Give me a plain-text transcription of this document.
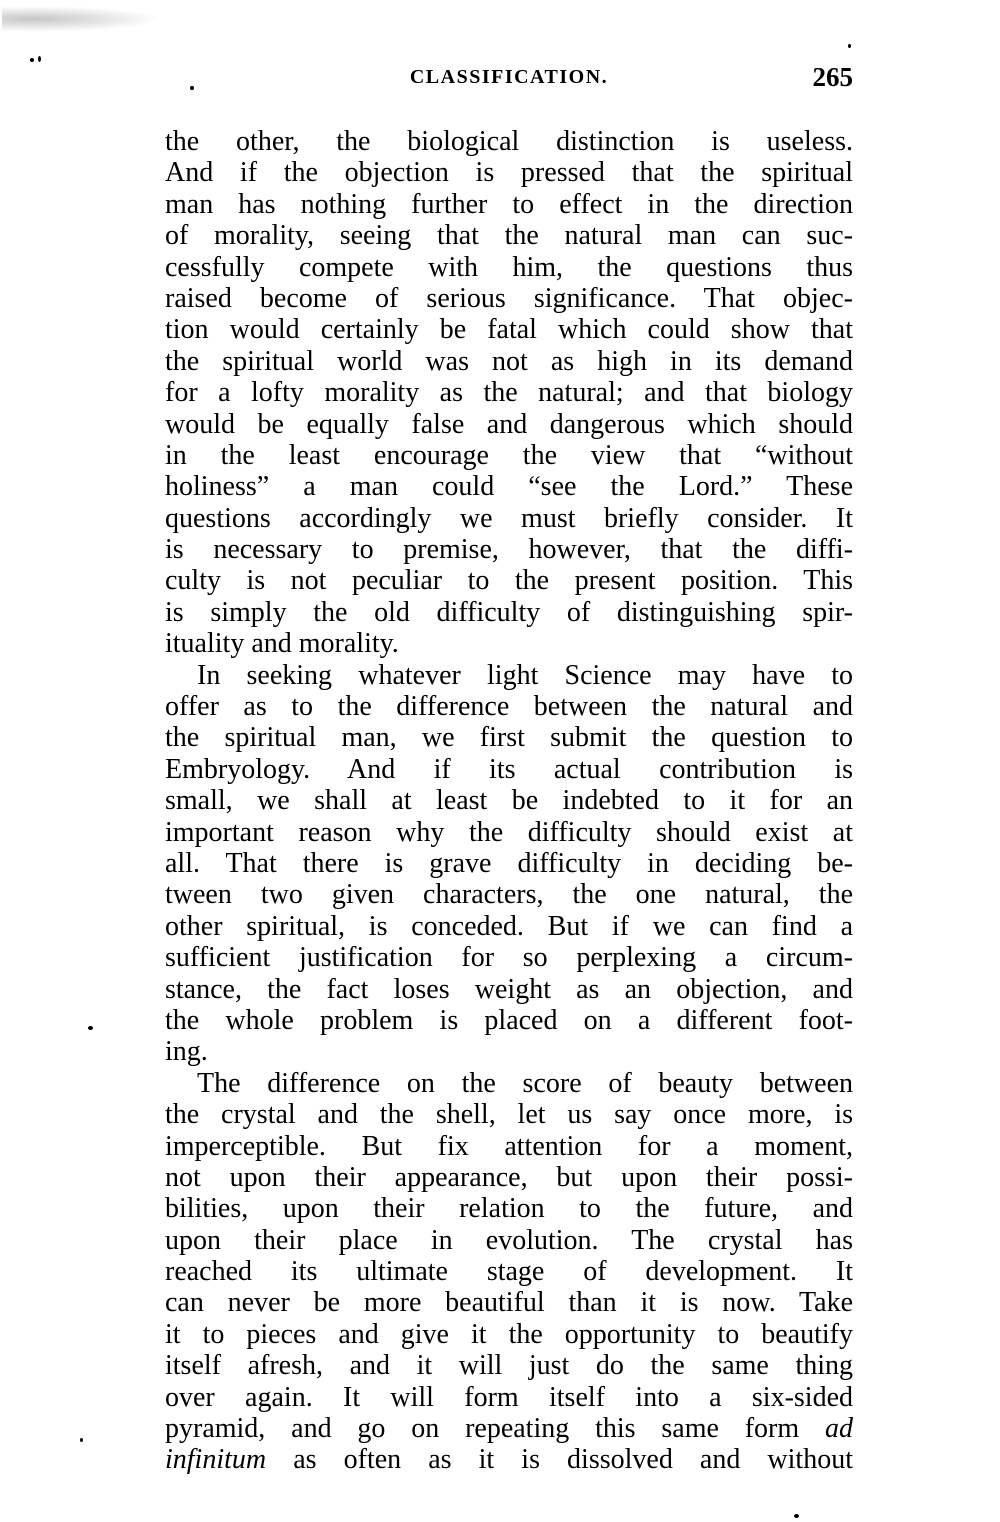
CLASSIFICATION.	265
the other, the biological distinction is useless.
And if the objection is pressed that the spiritual
man has nothing further to effect in the direction
of morality, seeing that the natural man can suc-
cessfully compete with him, the questions thus
raised become of serious significance. That objec-
tion would certainly be fatal which could show that
the spiritual world was not as high in its demand
for a lofty morality as the natural; and that biology
would be equally false and dangerous which should
in the least encourage the view that “without
holiness” a man could “see the Lord.” These
questions accordingly we must briefly consider. It
is necessary to premise, however, that the diffi-
culty is not peculiar to the present position. This
is simply the old difficulty of distinguishing spir-
ituality and morality.
In seeking whatever light Science may have to
offer as to the difference between the natural and
the spiritual man, we first submit the question to
Embryology. And if its actual contribution is
small, we shall at least be indebted to it for an
important reason why the difficulty should exist at
all. That there is grave difficulty in deciding be-
tween two given characters, the one natural, the
other spiritual, is conceded. But if we can find a
sufficient justification for so perplexing a circum-
stance, the fact loses weight as an objection, and
the whole problem is placed on a different foot-
ing.
The difference on the score of beauty between
the crystal and the shell, let us say once more, is
imperceptible. But fix attention for a moment,
not upon their appearance, but upon their possi-
bilities, upon their relation to the future, and
upon their place in evolution. The crystal has
reached its ultimate stage of development. It
can never be more beautiful than it is now. Take
it to pieces and give it the opportunity to beautify
itself afresh, and it will just do the same thing
over again. It will form itself into a six-sided
pyramid, and go on repeating this same form ad
infinitum as often as it is dissolved and without
